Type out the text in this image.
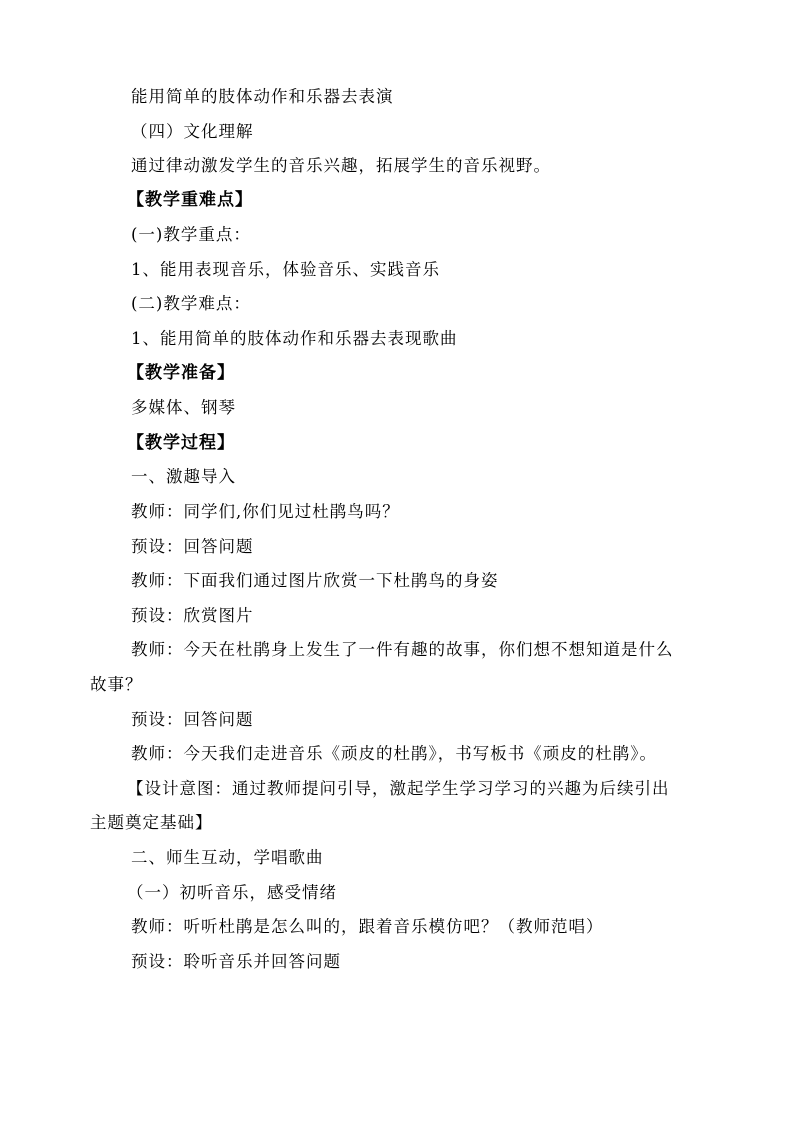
能用简单的肢体动作和乐器去表演
（四）文化理解
通过律动激发学生的音乐兴趣，拓展学生的音乐视野。
【教学重难点】
(一)教学重点：
1、能用表现音乐，体验音乐、实践音乐
(二)教学难点：
1、能用简单的肢体动作和乐器去表现歌曲
【教学准备】
多媒体、钢琴
【教学过程】
一、激趣导入
教师：同学们,你们见过杜鹃鸟吗？
预设：回答问题
教师：下面我们通过图片欣赏一下杜鹃鸟的身姿
预设：欣赏图片
教师：今天在杜鹃身上发生了一件有趣的故事，你们想不想知道是什么
故事？
预设：回答问题
教师：今天我们走进音乐《顽皮的杜鹃》，书写板书《顽皮的杜鹃》。
【设计意图：通过教师提问引导，激起学生学习学习的兴趣为后续引出
主题奠定基础】
二、师生互动，学唱歌曲
（一）初听音乐，感受情绪
教师：听听杜鹃是怎么叫的，跟着音乐模仿吧？（教师范唱）
预设：聆听音乐并回答问题
